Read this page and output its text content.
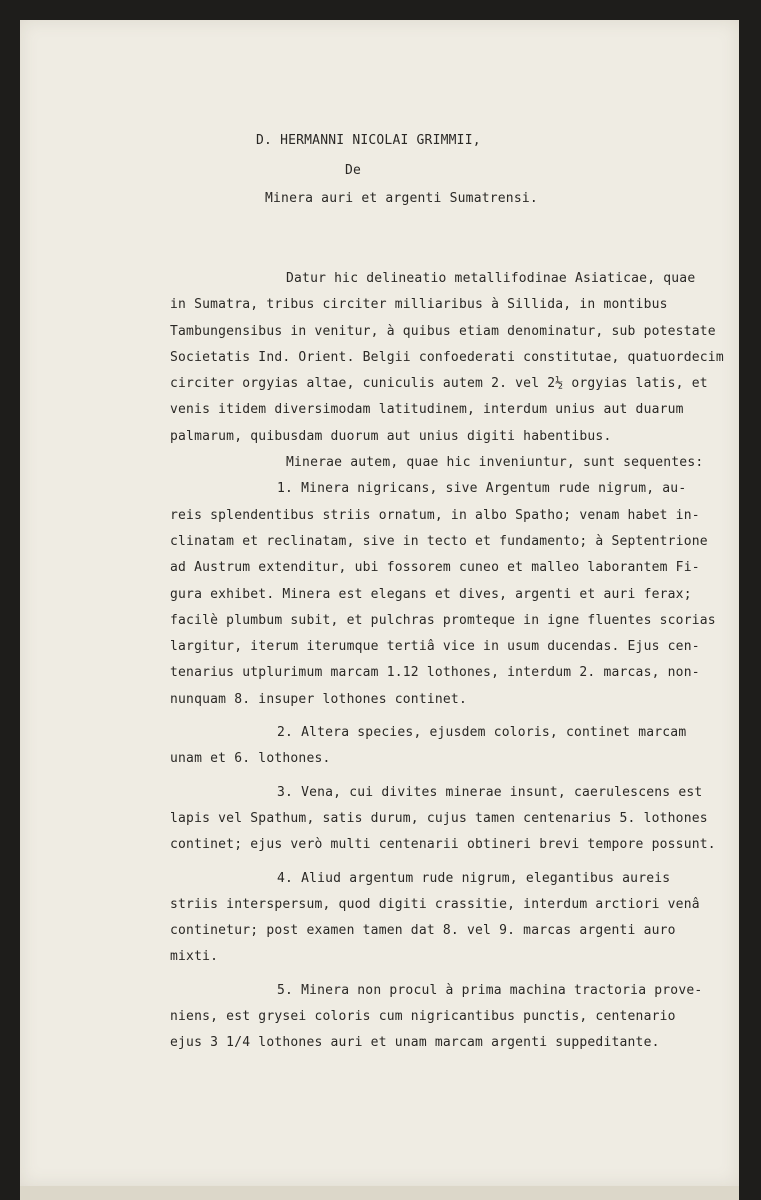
D. HERMANNI NICOLAI GRIMMII,
De
Minera auri et argenti Sumatrensi.

Datur hic delineatio metallifodinae Asiaticae, quae
in Sumatra, tribus circiter milliaribus à Sillida, in montibus
Tambungensibus in venitur, à quibus etiam denominatur, sub potestate
Societatis Ind. Orient. Belgii confoederati constitutae, quatuordecim
circiter orgyias altae, cuniculis autem 2. vel 2½ orgyias latis, et
venis itidem diversimodam latitudinem, interdum unius aut duarum
palmarum, quibusdam duorum aut unius digiti habentibus.

Minerae autem, quae hic inveniuntur, sunt sequentes:

1. Minera nigricans, sive Argentum rude nigrum, au-
reis splendentibus striis ornatum, in albo Spatho; venam habet in-
clinatam et reclinatam, sive in tecto et fundamento; à Septentrione
ad Austrum extenditur, ubi fossorem cuneo et malleo laborantem Fi-
gura exhibet. Minera est elegans et dives, argenti et auri ferax;
facilè plumbum subit, et pulchras promteque in igne fluentes scorias
largitur, iterum iterumque tertiâ vice in usum ducendas. Ejus cen-
tenarius utplurimum marcam 1.12 lothones, interdum 2. marcas, non-
nunquam 8. insuper lothones continet.

2. Altera species, ejusdem coloris, continet marcam
unam et 6. lothones.

3. Vena, cui divites minerae insunt, caerulescens est
lapis vel Spathum, satis durum, cujus tamen centenarius 5. lothones
continet; ejus verò multi centenarii obtineri brevi tempore possunt.

4. Aliud argentum rude nigrum, elegantibus aureis
striis interspersum, quod digiti crassitie, interdum arctiori venâ
continetur; post examen tamen dat 8. vel 9. marcas argenti auro
mixti.

5. Minera non procul à prima machina tractoria prove-
niens, est grysei coloris cum nigricantibus punctis, centenario
ejus 3 1/4 lothones auri et unam marcam argenti suppeditante.
